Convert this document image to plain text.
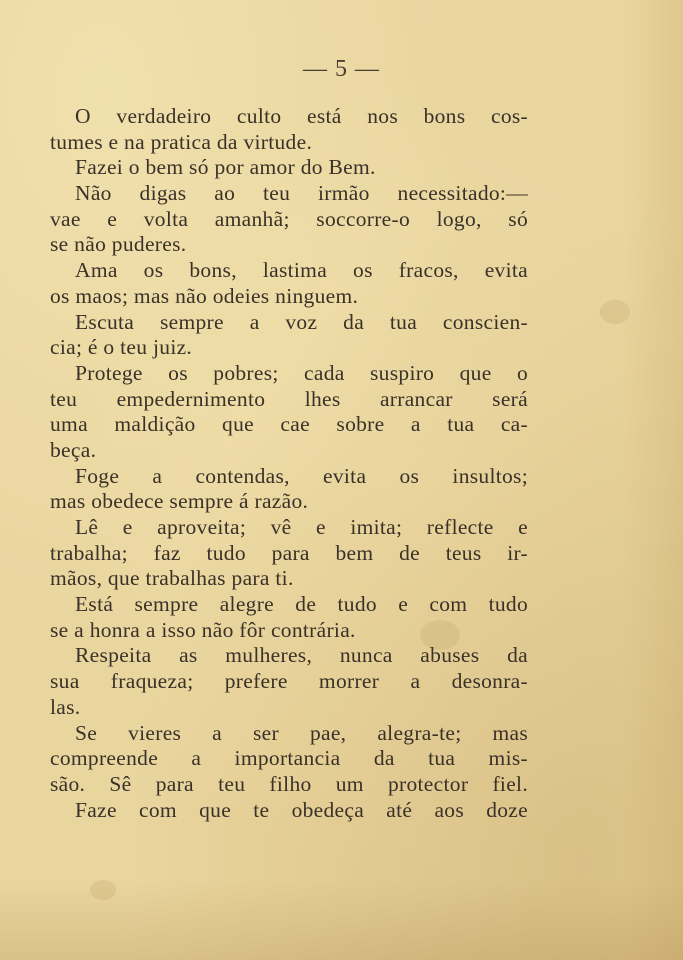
— 5 —
O verdadeiro culto está nos bons cos-
tumes e na pratica da virtude.
Fazei o bem só por amor do Bem.
Não digas ao teu irmão necessitado:—
vae e volta amanhã; soccorre-o logo, só
se não puderes.
Ama os bons, lastima os fracos, evita
os maos; mas não odeies ninguem.
Escuta sempre a voz da tua conscien-
cia; é o teu juiz.
Protege os pobres; cada suspiro que o
teu empedernimento lhes arrancar será
uma maldição que cae sobre a tua ca-
beça.
Foge a contendas, evita os insultos;
mas obedece sempre á razão.
Lê e aproveita; vê e imita; reflecte e
trabalha; faz tudo para bem de teus ir-
mãos, que trabalhas para ti.
Está sempre alegre de tudo e com tudo
se a honra a isso não fôr contrária.
Respeita as mulheres, nunca abuses da
sua fraqueza; prefere morrer a desonra-
las.
Se vieres a ser pae, alegra-te; mas
compreende a importancia da tua mis-
são. Sê para teu filho um protector fiel.
Faze com que te obedeça até aos doze
